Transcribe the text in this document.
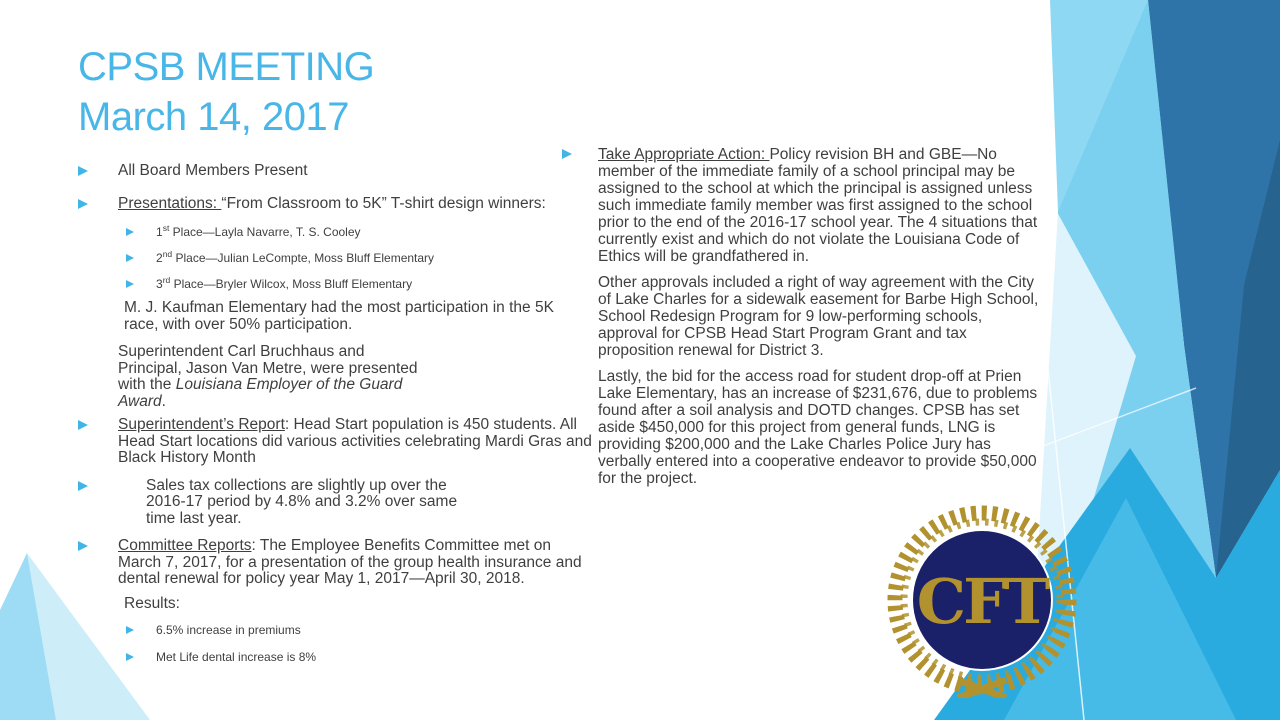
CPSB MEETING
March 14, 2017

All Board Members Present

Presentations: “From Classroom to 5K” T-shirt design winners:

1st Place—Layla Navarre, T. S. Cooley

2nd Place—Julian LeCompte, Moss Bluff Elementary

3rd Place—Bryler Wilcox, Moss Bluff Elementary

M. J. Kaufman Elementary had the most participation in the 5K race, with over 50% participation.

Superintendent Carl Bruchhaus and Principal, Jason Van Metre, were presented with the Louisiana Employer of the Guard Award.

Superintendent’s Report: Head Start population is 450 students. All Head Start locations did various activities celebrating Mardi Gras and Black History Month

Sales tax collections are slightly up over the 2016-17 period by 4.8% and 3.2% over same time last year.

Committee Reports: The Employee Benefits Committee met on March 7, 2017, for a presentation of the group health insurance and dental renewal for policy year May 1, 2017—April 30, 2018.

Results:

6.5% increase in premiums

Met Life dental increase is 8%

Take Appropriate Action: Policy revision BH and GBE—No member of the immediate family of a school principal may be assigned to the school at which the principal is assigned unless such immediate family member was first assigned to the school prior to the end of the 2016-17 school year. The 4 situations that currently exist and which do not violate the Louisiana Code of Ethics will be grandfathered in.

Other approvals included a right of way agreement with the City of Lake Charles for a sidewalk easement for Barbe High School, School Redesign Program for 9 low-performing schools, approval for CPSB Head Start Program Grant and tax proposition renewal for District 3.

Lastly, the bid for the access road for student drop-off at Prien Lake Elementary, has an increase of $231,676, due to problems found after a soil analysis and DOTD changes. CPSB has set aside $450,000 for this project from general funds, LNG is providing $200,000 and the Lake Charles Police Jury has verbally entered into a cooperative endeavor to provide $50,000 for the project.

CFT
